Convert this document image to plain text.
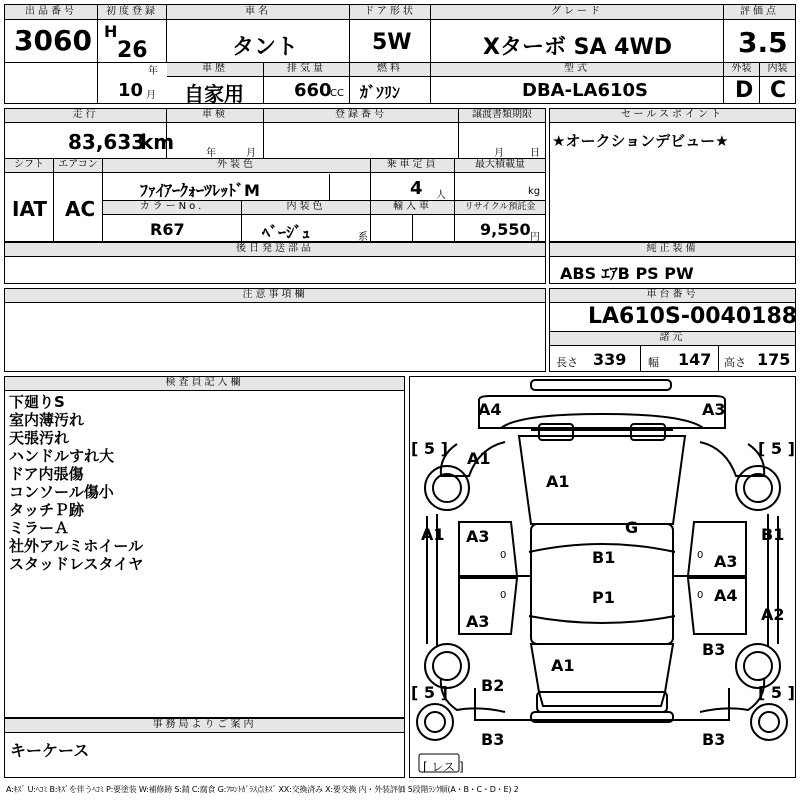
出品番号
3060
初度登録
H
26
年
10 月
車名
タント
ドア形状
5W
グレード
Xターボ SA 4WD
評価点
3.5
車歴
自家用
排気量
660
CC
燃料
ｶﾞｿﾘﾝ
型式
DBA-LA610S
外装	内装
D C
走行
83,633
km
車検
年	月
登録番号	譲渡書類期限
月	日
シフト
IAT
エアコン
AC
外装色
ﾌｧｲｱｰｸｫｰﾂﾚｯﾄﾞM
乗車定員
4 人
最大積載量
kg
カラーNo.
R67
内装色
ﾍﾞｰｼﾞｭ	系
輸入車	リサイクル預託金
9,550 円
セールスポイント
★オークションデビュー★
後日発送部品	純正装備
ABS ｴｱB PS PW
注意事項欄	車台番号
LA610S-0040188
諸元
長さ 339 幅 147 高さ 175
検査員記入欄
下廻りS
室内薄汚れ
天張汚れ
ハンドルすれ大
ドア内張傷
コンソール傷小
タッチＰ跡
ミラーＡ
社外アルミホイール
スタッドレスタイヤ
事務局よりご案内
キーケース
A4	A3
A1
A1
G
A1 A3
B1	A3
B1
P1	A4
A3	A2
B3
A1
B2
B3	B3
0	0
0	0
[ 5 ]	[ 5 ]
[ 5 ]	[ 5 ]
[ レス ]
A:ｷｽﾞ U:ﾍｺﾐ B:ｷｽﾞを伴うﾍｺﾐ P:要塗装 W:補修跡 S:錆 C:腐食 G:ﾌﾛﾝﾄｶﾞﾗｽ点ｷｽﾞ XX:交換済み X:要交換 内・外装評価 5段階ﾗﾝｸ順(A・B・C・D・E) 2
